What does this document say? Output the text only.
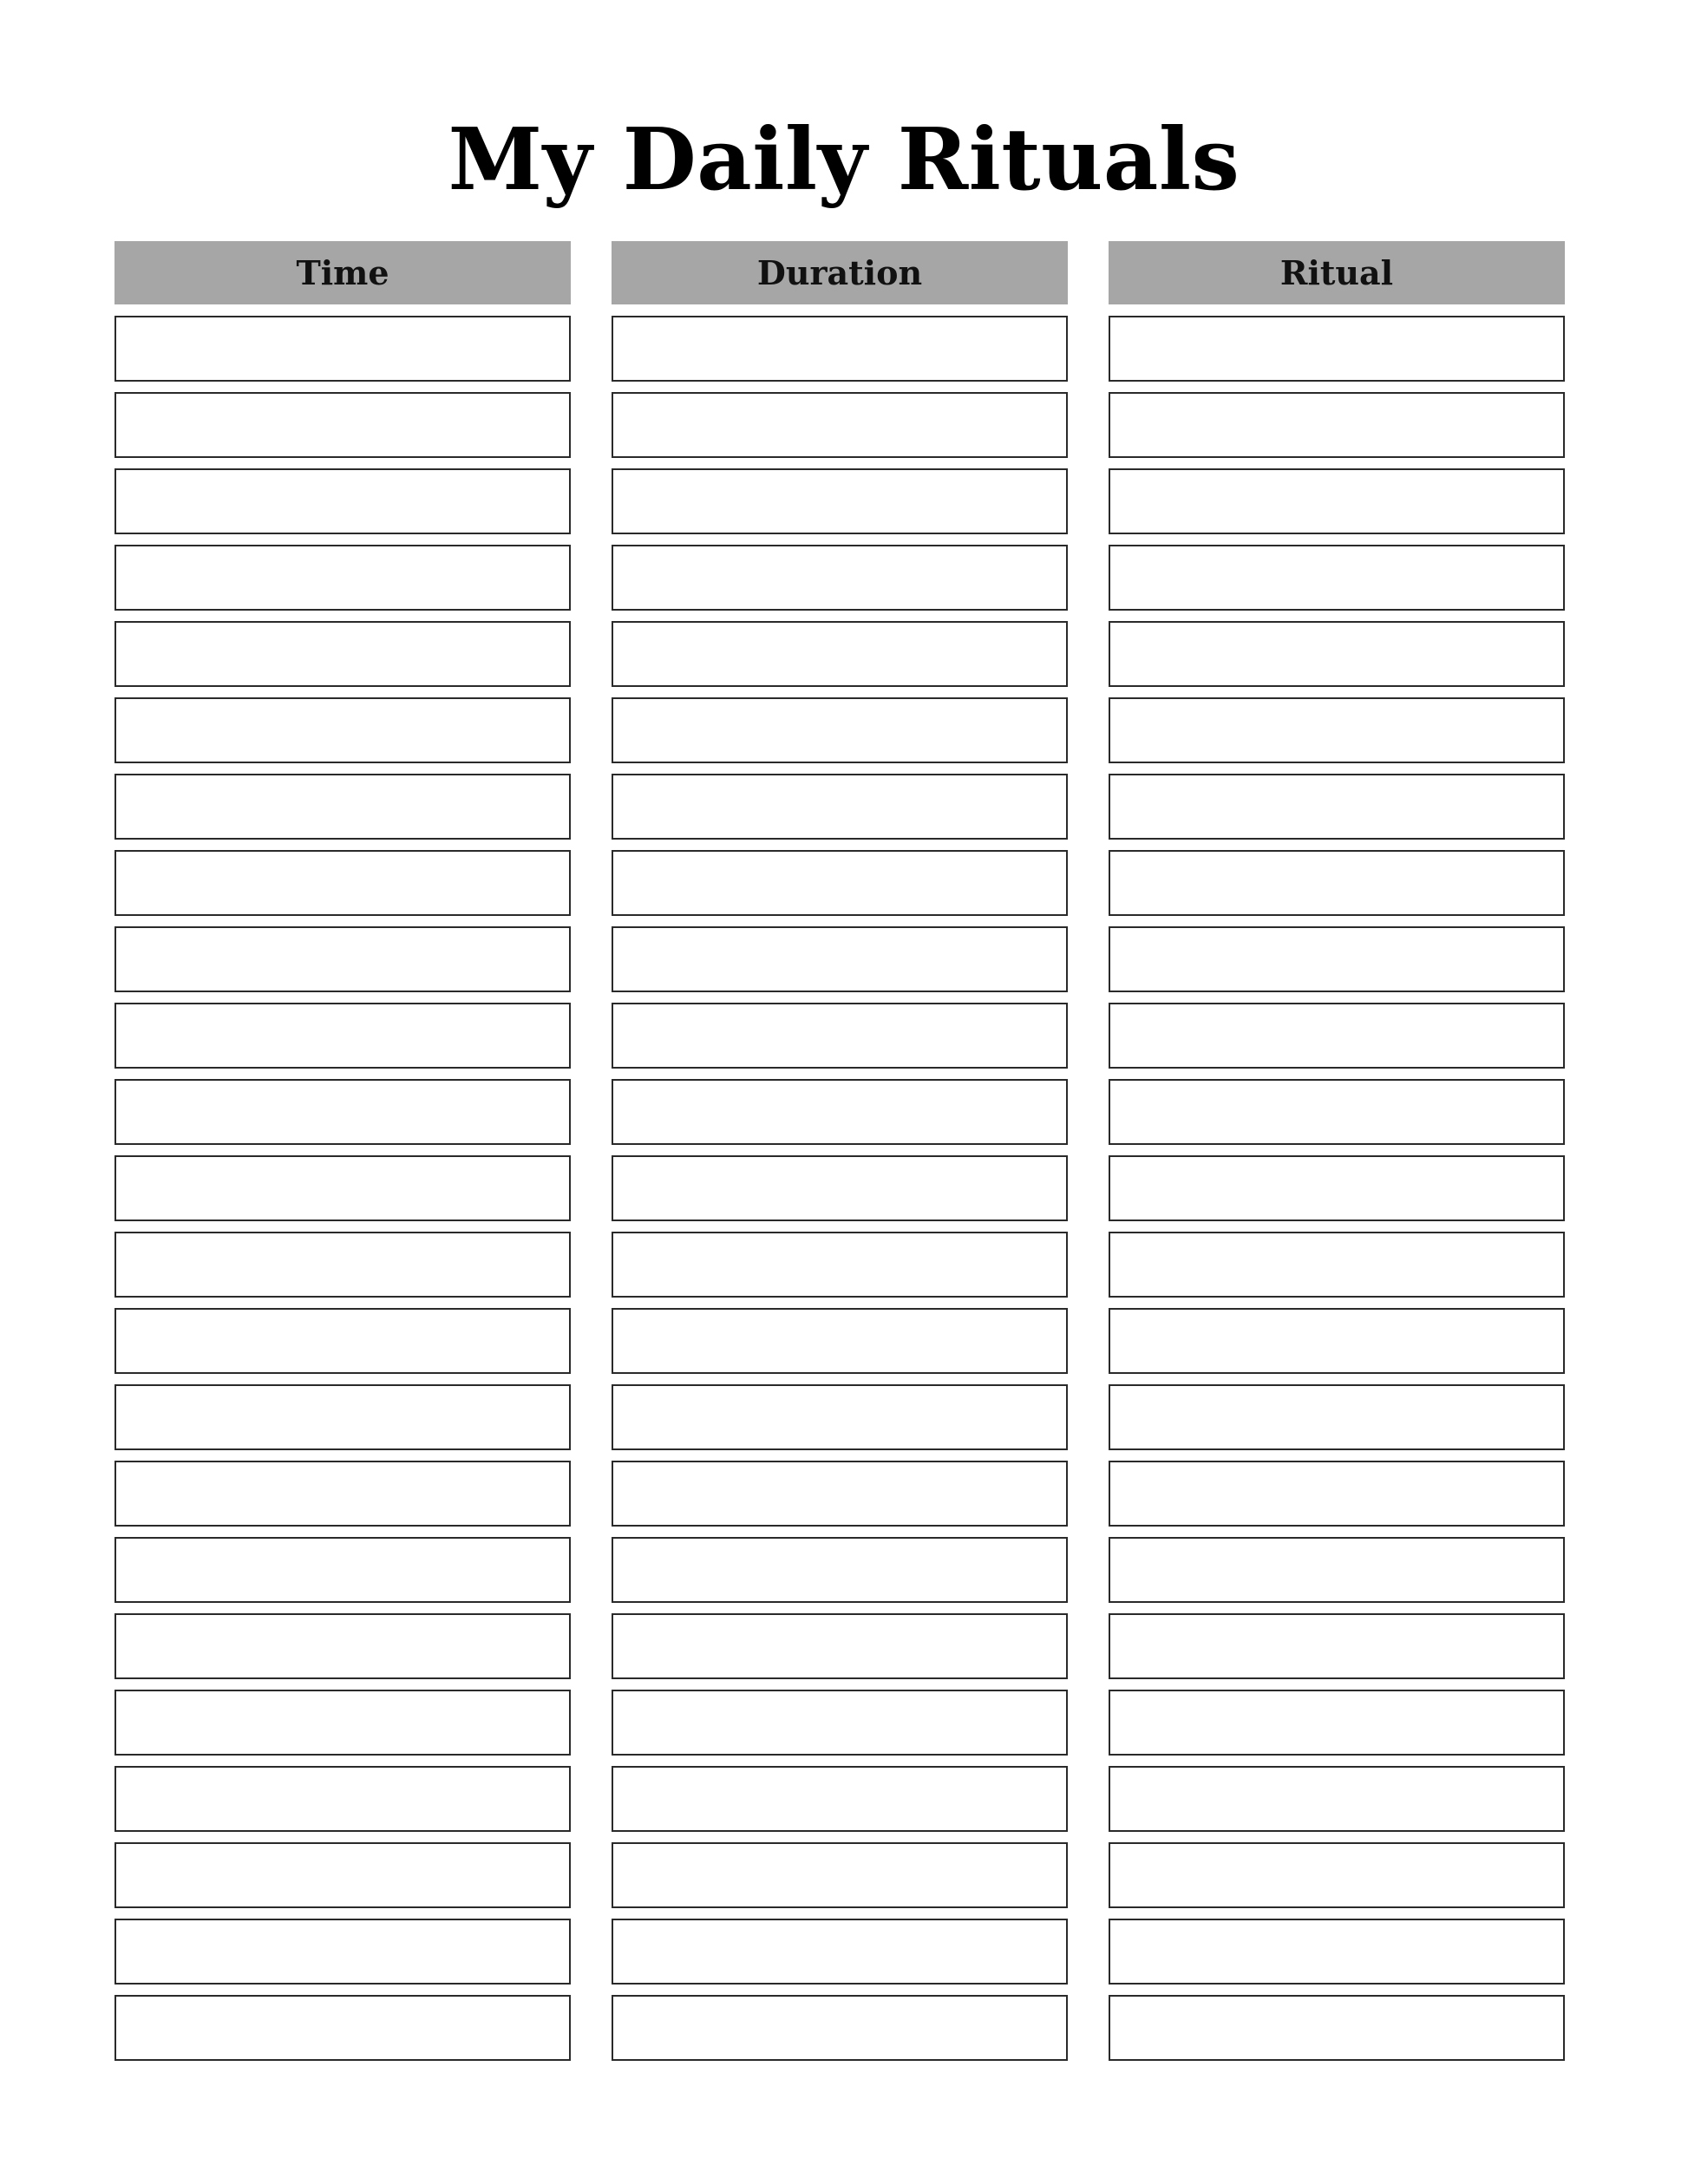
My Daily Rituals
Time	Duration	Ritual
